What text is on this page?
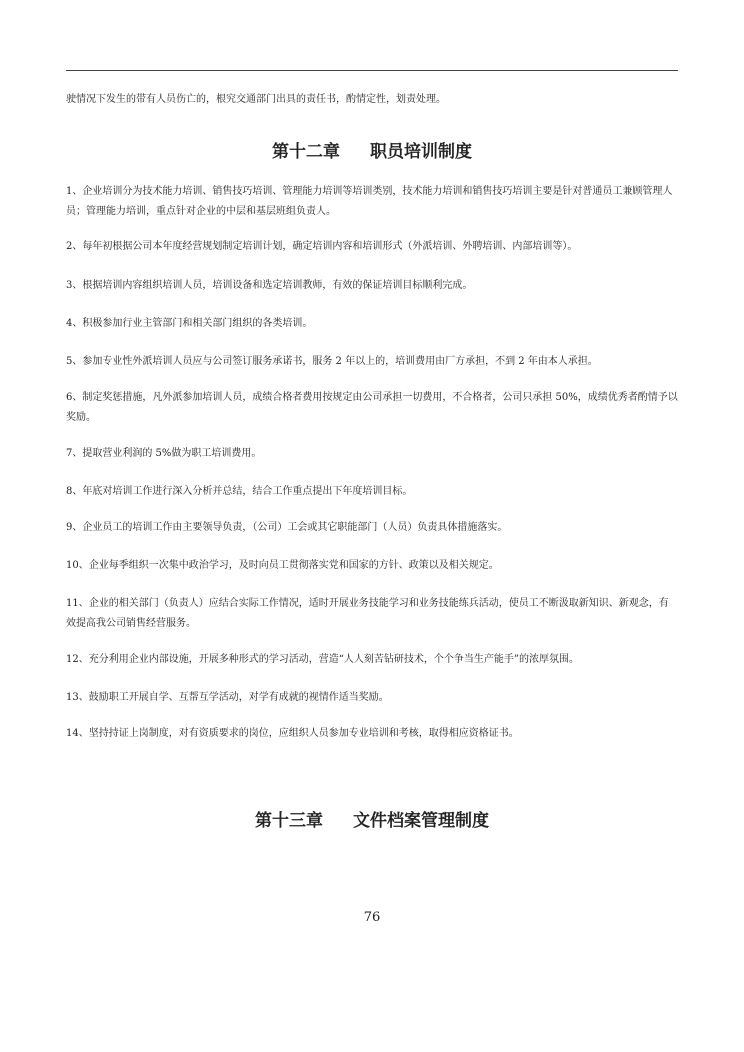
驶情况下发生的带有人员伤亡的，根究交通部门出具的责任书，酌情定性，划责处理。

第十二章 职员培训制度

1、企业培训分为技术能力培训、销售技巧培训、管理能力培训等培训类别，技术能力培训和销售技巧培训主要是针对普通员工兼顾管理人员；管理能力培训，重点针对企业的中层和基层班组负责人。

2、每年初根据公司本年度经营规划制定培训计划，确定培训内容和培训形式（外派培训、外聘培训、内部培训等）。

3、根据培训内容组织培训人员，培训设备和选定培训教师，有效的保证培训目标顺利完成。

4、积极参加行业主管部门和相关部门组织的各类培训。

5、参加专业性外派培训人员应与公司签订服务承诺书，服务 2 年以上的，培训费用由厂方承担，不到 2 年由本人承担。

6、制定奖惩措施，凡外派参加培训人员，成绩合格者费用按规定由公司承担一切费用，不合格者，公司只承担 50%，成绩优秀者酌情予以奖励。

7、提取营业利润的 5%做为职工培训费用。

8、年底对培训工作进行深入分析并总结，结合工作重点提出下年度培训目标。

9、企业员工的培训工作由主要领导负责，（公司）工会或其它职能部门（人员）负责具体措施落实。

10、企业每季组织一次集中政治学习，及时向员工贯彻落实党和国家的方针、政策以及相关规定。

11、企业的相关部门（负责人）应结合实际工作情况，适时开展业务技能学习和业务技能练兵活动，使员工不断汲取新知识、新观念，有效提高我公司销售经营服务。

12、充分利用企业内部设施，开展多种形式的学习活动，营造“人人刻苦钻研技术，个个争当生产能手”的浓厚氛围。

13、鼓励职工开展自学、互帮互学活动，对学有成就的视情作适当奖励。

14、坚持持证上岗制度，对有资质要求的岗位，应组织人员参加专业培训和考核，取得相应资格证书。

第十三章 文件档案管理制度
76
